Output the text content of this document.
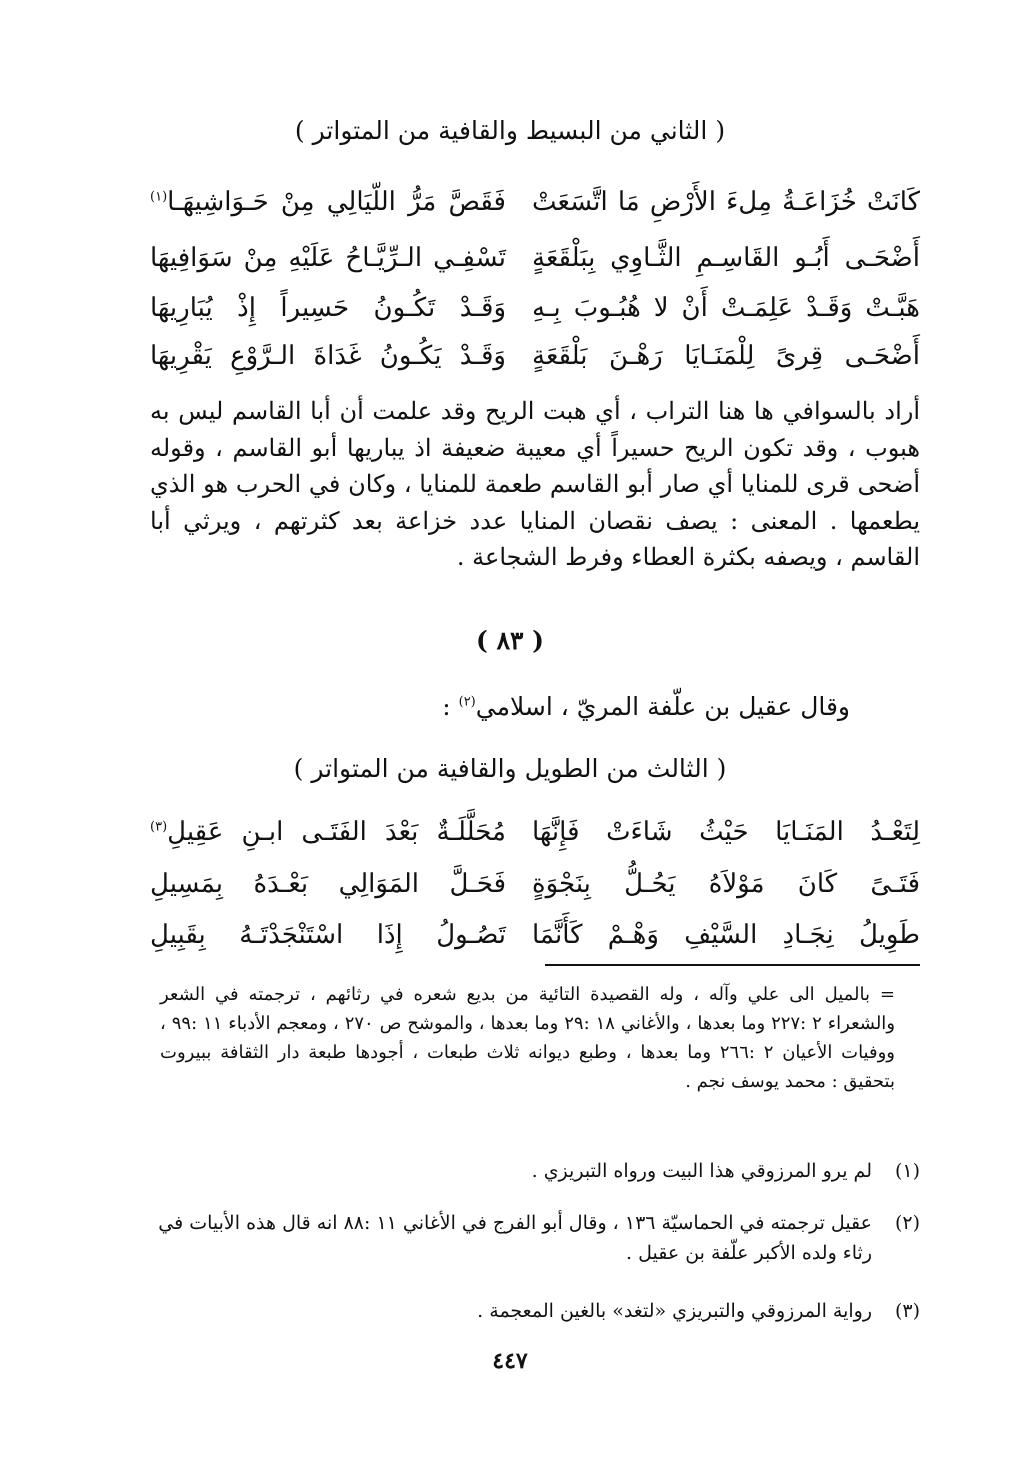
( الثاني من البسيط والقافية من المتواتر )
كَانَتْ خُزَاعَـةُ مِلءَ الأَرْضِ مَا اتَّسَعَتْ
فَقَصَّ مَرُّ اللّيَالِي مِنْ حَـوَاشِيهَـا$^{(١)}$
أَضْحَـى أَبُـو القَاسِـمِ الثَّـاوِي بِبَلْقَعَةٍ
تَسْفِـي الـرِّيَّـاحُ عَلَيْهِ مِنْ سَوَافِيهَا
هَبَّـتْ وَقَـدْ عَلِمَـتْ أَنْ لا هُبُـوبَ بِـهِ
وَقَـدْ تَكُـونُ حَسِيراً إِذْ يُبَارِيهَا
أَضْحَـى قِرىً لِلْمَنَـايَا رَهْـنَ بَلْقَعَةٍ
وَقَـدْ يَكُـونُ غَدَاةَ الـرَّوْعِ يَقْرِيهَا
أراد بالسوافي ها هنا التراب ، أي هبت الريح وقد علمت أن أبا القاسم ليس به هبوب ، وقد تكون الريح حسيراً أي معيبة ضعيفة اذ يباريها أبو القاسم ، وقوله أضحى قرى للمنايا أي صار أبو القاسم طعمة للمنايا ، وكان في الحرب هو الذي يطعمها . المعنى : يصف نقصان المنايا عدد خزاعة بعد كثرتهم ، ويرثي أبا القاسم ، ويصفه بكثرة العطاء وفرط الشجاعة .
( ٨٣ )
وقال عقيل بن علّفة المريّ ، اسلامي$^{(٢)}$ :
( الثالث من الطويل والقافية من المتواتر )
لِتَعْـدُ المَنَـايَا حَيْثُ شَاءَتْ فَإِنَّهَا
مُحَلَّلَـةٌ بَعْدَ الفَتَـى ابـنِ عَقِيلِ$^{(٣)}$
فَتَـىً كَانَ مَوْلاَهُ يَحُـلُّ بِنَجْوَةٍ
فَحَـلَّ المَوَالِي بَعْـدَهُ بِمَسِيلِ
طَوِيلُ نِجَـادِ السَّيْفِ وَهْـمْ كَأَنَّمَا
تَصُـولُ إِذَا اسْتَنْجَدْتَـهُ بِقَبِيلِ
= بالميل الى علي وآله ، وله القصيدة التائية من بديع شعره في رثائهم ، ترجمته في الشعر والشعراء ٢ :٢٢٧ وما بعدها ، والأغاني ١٨ :٢٩ وما بعدها ، والموشح ص ٢٧٠ ، ومعجم الأدباء ١١ :٩٩ ، ووفيات الأعيان ٢ :٢٦٦ وما بعدها ، وطبع ديوانه ثلاث طبعات ، أجودها طبعة دار الثقافة ببيروت بتحقيق : محمد يوسف نجم .
(١)
لم يرو المرزوقي هذا البيت ورواه التبريزي .
(٢)
عقيل ترجمته في الحماسيّة ١٣٦ ، وقال أبو الفرج في الأغاني ١١ :٨٨ انه قال هذه الأبيات في رثاء ولده الأكبر علّفة بن عقيل .
(٣)
رواية المرزوقي والتبريزي «لتغد» بالغين المعجمة .
٤٤٧
